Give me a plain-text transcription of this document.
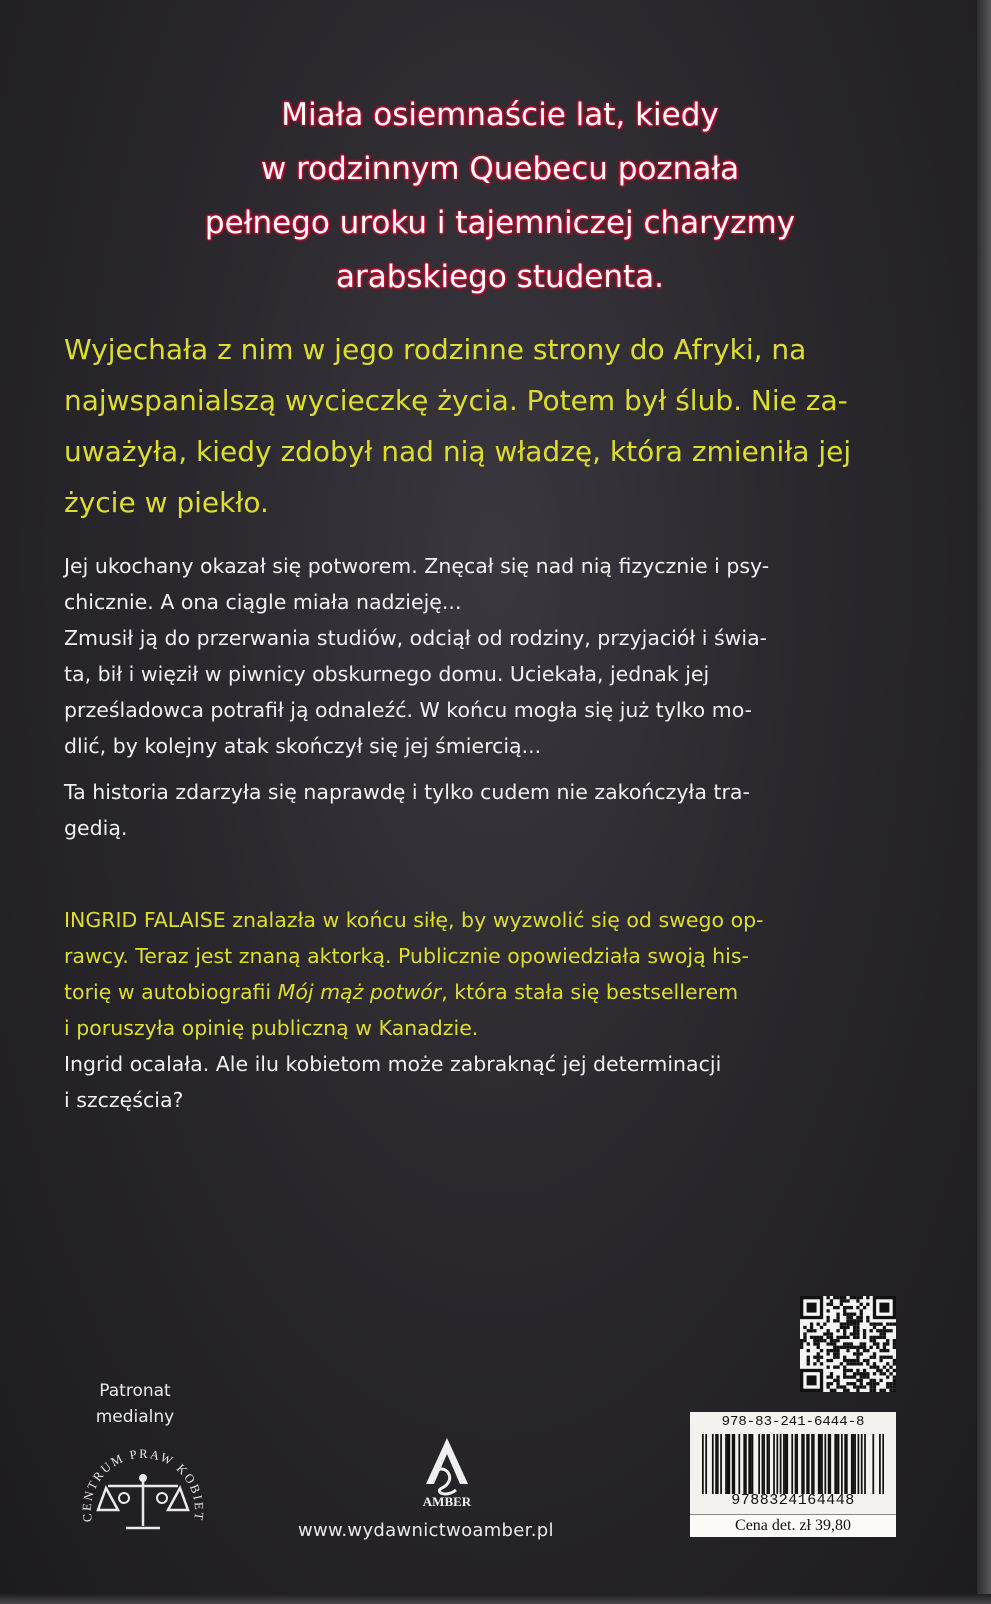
Miała osiemnaście lat, kiedy
w rodzinnym Quebecu poznała
pełnego uroku i tajemniczej charyzmy
arabskiego studenta.
Wyjechała z nim w jego rodzinne strony do Afryki, na
najwspanialszą wycieczkę życia. Potem był ślub. Nie za-
uważyła, kiedy zdobył nad nią władzę, która zmieniła jej
życie w piekło.
Jej ukochany okazał się potworem. Znęcał się nad nią fizycznie i psy-
chicznie. A ona ciągle miała nadzieję...
Zmusił ją do przerwania studiów, odciął od rodziny, przyjaciół i świa-
ta, bił i więził w piwnicy obskurnego domu. Uciekała, jednak jej
prześladowca potrafił ją odnaleźć. W końcu mogła się już tylko mo-
dlić, by kolejny atak skończył się jej śmiercią...
Ta historia zdarzyła się naprawdę i tylko cudem nie zakończyła tra-
gedią.
INGRID FALAISE znalazła w końcu siłę, by wyzwolić się od swego op-
rawcy. Teraz jest znaną aktorką. Publicznie opowiedziała swoją his-
torię w autobiografii Mój mąż potwór, która stała się bestsellerem
i poruszyła opinię publiczną w Kanadzie.
Ingrid ocalała. Ale ilu kobietom może zabraknąć jej determinacji
i szczęścia?
Patronat
medialny
CENTRUM PRAW KOBIET
AMBER
www.wydawnictwoamber.pl
978-83-241-6444-8
9788324164448
Cena det. zł 39,80
